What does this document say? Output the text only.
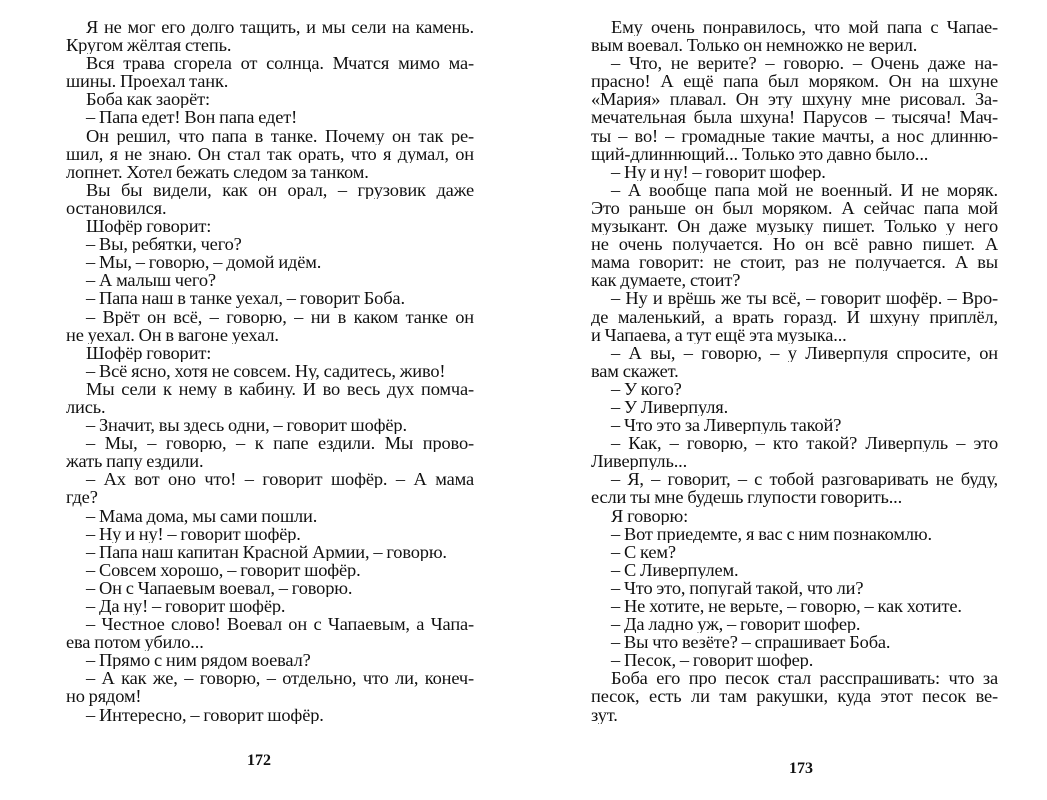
Я не мог его долго тащить, и мы сели на камень.
Кругом жёлтая степь.
Вся трава сгорела от солнца. Мчатся мимо ма-
шины. Проехал танк.
Боба как заорёт:
– Папа едет! Вон папа едет!
Он решил, что папа в танке. Почему он так ре-
шил, я не знаю. Он стал так орать, что я думал, он
лопнет. Хотел бежать следом за танком.
Вы бы видели, как он орал, – грузовик даже
остановился.
Шофёр говорит:
– Вы, ребятки, чего?
– Мы, – говорю, – домой идём.
– А малыш чего?
– Папа наш в танке уехал, – говорит Боба.
– Врёт он всё, – говорю, – ни в каком танке он
не уехал. Он в вагоне уехал.
Шофёр говорит:
– Всё ясно, хотя не совсем. Ну, садитесь, живо!
Мы сели к нему в кабину. И во весь дух помча-
лись.
– Значит, вы здесь одни, – говорит шофёр.
– Мы, – говорю, – к папе ездили. Мы прово-
жать папу ездили.
– Ах вот оно что! – говорит шофёр. – А мама
где?
– Мама дома, мы сами пошли.
– Ну и ну! – говорит шофёр.
– Папа наш капитан Красной Армии, – говорю.
– Совсем хорошо, – говорит шофёр.
– Он с Чапаевым воевал, – говорю.
– Да ну! – говорит шофёр.
– Честное слово! Воевал он с Чапаевым, а Чапа-
ева потом убило...
– Прямо с ним рядом воевал?
– А как же, – говорю, – отдельно, что ли, конеч-
но рядом!
– Интересно, – говорит шофёр.
172
Ему очень понравилось, что мой папа с Чапае-
вым воевал. Только он немножко не верил.
– Что, не верите? – говорю. – Очень даже на-
прасно! А ещё папа был моряком. Он на шхуне
«Мария» плавал. Он эту шхуну мне рисовал. За-
мечательная была шхуна! Парусов – тысяча! Мач-
ты – во! – громадные такие мачты, а нос длинню-
щий-длиннющий... Только это давно было...
– Ну и ну! – говорит шофер.
– А вообще папа мой не военный. И не моряк.
Это раньше он был моряком. А сейчас папа мой
музыкант. Он даже музыку пишет. Только у него
не очень получается. Но он всё равно пишет. А
мама говорит: не стоит, раз не получается. А вы
как думаете, стоит?
– Ну и врёшь же ты всё, – говорит шофёр. – Вро-
де маленький, а врать горазд. И шхуну приплёл,
и Чапаева, а тут ещё эта музыка...
– А вы, – говорю, – у Ливерпуля спросите, он
вам скажет.
– У кого?
– У Ливерпуля.
– Что это за Ливерпуль такой?
– Как, – говорю, – кто такой? Ливерпуль – это
Ливерпуль...
– Я, – говорит, – с тобой разговаривать не буду,
если ты мне будешь глупости говорить...
Я говорю:
– Вот приедемте, я вас с ним познакомлю.
– С кем?
– С Ливерпулем.
– Что это, попугай такой, что ли?
– Не хотите, не верьте, – говорю, – как хотите.
– Да ладно уж, – говорит шофер.
– Вы что везёте? – спрашивает Боба.
– Песок, – говорит шофер.
Боба его про песок стал расспрашивать: что за
песок, есть ли там ракушки, куда этот песок ве-
зут.
173
